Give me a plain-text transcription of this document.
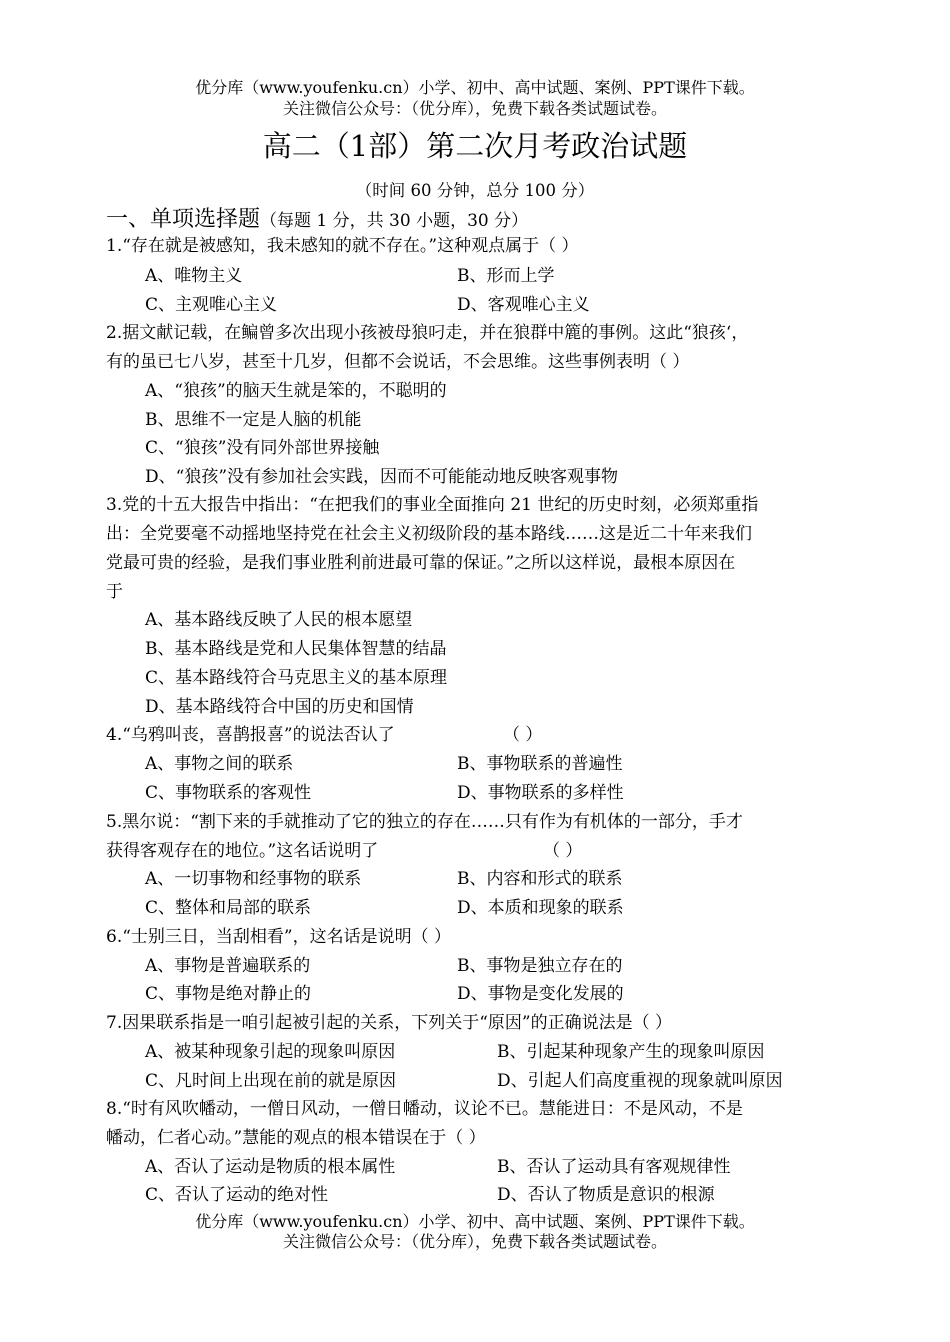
优分库（www.youfenku.cn）小学、初中、高中试题、案例、PPT课件下载。
关注微信公众号：（优分库），免费下载各类试题试卷。
高二（1部）第二次月考政治试题
（时间 60 分钟，总分 100 分）
一、单项选择题（每题 1 分，共 30 小题，30 分）
1.“存在就是被感知，我未感知的就不存在。”这种观点属于（ ）
A、唯物主义	B、形而上学
C、主观唯心主义	D、客观唯心主义
2.据文献记载，在鳊曾多次出现小孩被母狼叼走，并在狼群中簏的事例。这此“狼孩‘，
有的虽已七八岁，甚至十几岁，但都不会说话，不会思维。这些事例表明（ ）
A、“狼孩”的脑天生就是笨的，不聪明的
B、思维不一定是人脑的机能
C、“狼孩”没有同外部世界接触
D、“狼孩”没有参加社会实践，因而不可能能动地反映客观事物
3.党的十五大报告中指出：“在把我们的事业全面推向 21 世纪的历史时刻，必须郑重指
出：全党要毫不动摇地坚持党在社会主义初级阶段的基本路线……这是近二十年来我们
党最可贵的经验，是我们事业胜利前进最可靠的保证。”之所以这样说，最根本原因在
于
A、基本路线反映了人民的根本愿望
B、基本路线是党和人民集体智慧的结晶
C、基本路线符合马克思主义的基本原理
D、基本路线符合中国的历史和国情
4.“乌鸦叫丧，喜鹊报喜”的说法否认了	（ ）
A、事物之间的联系	B、事物联系的普遍性
C、事物联系的客观性	D、事物联系的多样性
5.黑尔说：“割下来的手就推动了它的独立的存在……只有作为有机体的一部分，手才
获得客观存在的地位。”这名话说明了	（ ）
A、一切事物和经事物的联系	B、内容和形式的联系
C、整体和局部的联系	D、本质和现象的联系
6.“士别三日，当刮相看”，这名话是说明（ ）
A、事物是普遍联系的	B、事物是独立存在的
C、事物是绝对静止的	D、事物是变化发展的
7.因果联系指是一咱引起被引起的关系，下列关于“原因”的正确说法是（ ）
A、被某种现象引起的现象叫原因	B、引起某种现象产生的现象叫原因
C、凡时间上出现在前的就是原因	D、引起人们高度重视的现象就叫原因
8.“时有风吹幡动，一僧日风动，一僧日幡动，议论不已。慧能进日：不是风动，不是
幡动，仁者心动。”慧能的观点的根本错误在于（ ）
A、否认了运动是物质的根本属性	B、否认了运动具有客观规律性
C、否认了运动的绝对性	D、否认了物质是意识的根源
优分库（www.youfenku.cn）小学、初中、高中试题、案例、PPT课件下载。
关注微信公众号：（优分库），免费下载各类试题试卷。
